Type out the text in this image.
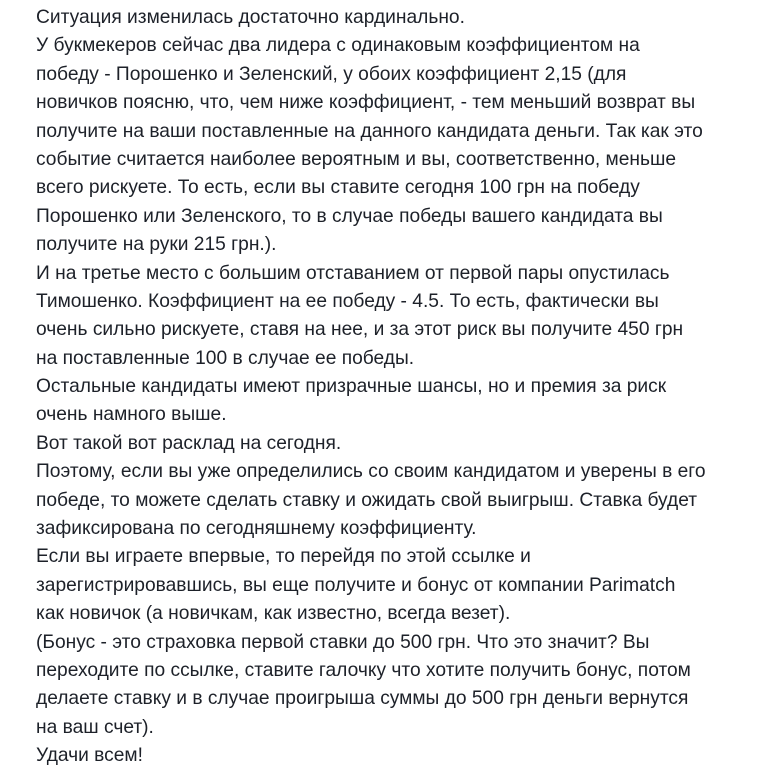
Ситуация изменилась достаточно кардинально.
У букмекеров сейчас два лидера с одинаковым коэффициентом на
победу - Порошенко и Зеленский, у обоих коэффициент 2,15 (для
новичков поясню, что, чем ниже коэффициент, - тем меньший возврат вы
получите на ваши поставленные на данного кандидата деньги. Так как это
событие считается наиболее вероятным и вы, соответственно, меньше
всего рискуете. То есть, если вы ставите сегодня 100 грн на победу
Порошенко или Зеленского, то в случае победы вашего кандидата вы
получите на руки 215 грн.).
И на третье место с большим отставанием от первой пары опустилась
Тимошенко. Коэффициент на ее победу - 4.5. То есть, фактически вы
очень сильно рискуете, ставя на нее, и за этот риск вы получите 450 грн
на поставленные 100 в случае ее победы.
Остальные кандидаты имеют призрачные шансы, но и премия за риск
очень намного выше.
Вот такой вот расклад на сегодня.
Поэтому, если вы уже определились со своим кандидатом и уверены в его
победе, то можете сделать ставку и ожидать свой выигрыш. Ставка будет
зафиксирована по сегодняшнему коэффициенту.
Если вы играете впервые, то перейдя по этой ссылке и
зарегистрировавшись, вы еще получите и бонус от компании Parimatch
как новичок (а новичкам, как известно, всегда везет).
(Бонус - это страховка первой ставки до 500 грн. Что это значит? Вы
переходите по ссылке, ставите галочку что хотите получить бонус, потом
делаете ставку и в случае проигрыша суммы до 500 грн деньги вернутся
на ваш счет).
Удачи всем!
